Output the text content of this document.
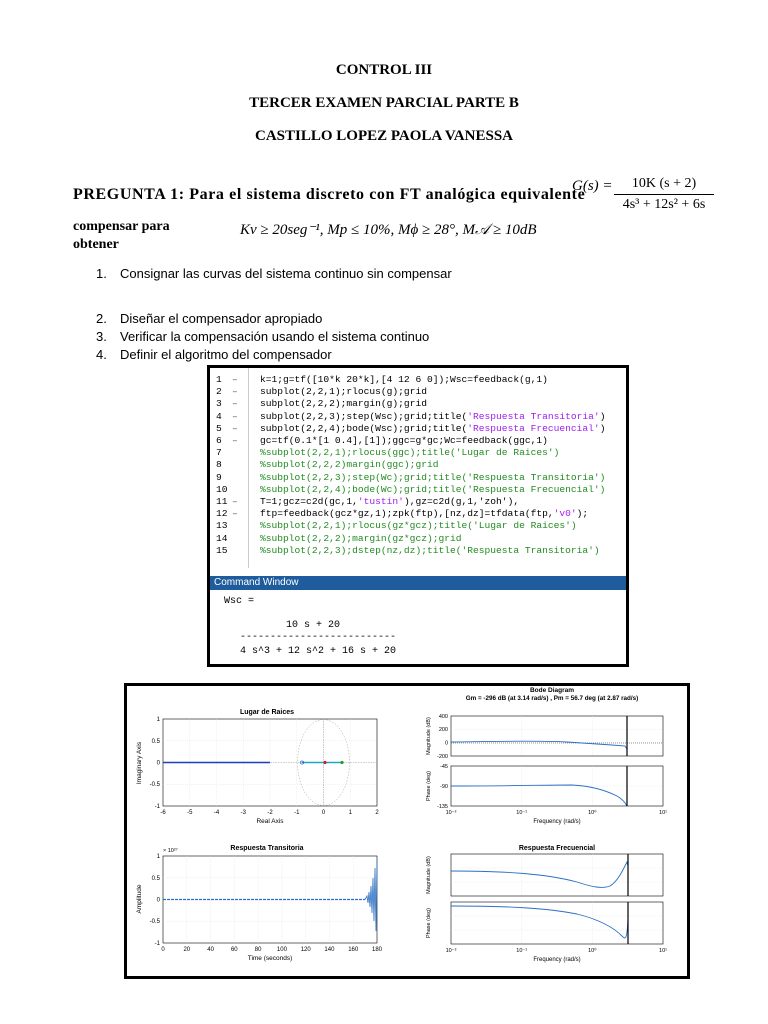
CONTROL III
TERCER EXAMEN PARCIAL PARTE B
CASTILLO LOPEZ PAOLA VANESSA
PREGUNTA 1: Para el sistema discreto con FT analógica equivalente
$G(s) = \frac{10K (s + 2)}{\text{4s³ + 12s² + 6s}}$
compensar para
obtener
Kv ≥ 20seg⁻¹, Mp ≤ 10%, Mϕ ≥ 28°, M𝒜 ≥ 10dB
1. Consignar las curvas del sistema continuo sin compensar
2. Diseñar el compensador apropiado
3. Verificar la compensación usando el sistema continuo
4. Definir el algoritmo del compensador
1	– k=1;g=tf([10*k 20*k],[4 12 6 0]);Wsc=feedback(g,1)
2	– subplot(2,2,1);rlocus(g);grid
3	– subplot(2,2,2);margin(g);grid
4	– subplot(2,2,3);step(Wsc);grid;title('Respuesta Transitoria')
5	– subplot(2,2,4);bode(Wsc);grid;title('Respuesta Frecuencial')
6	– gc=tf(0.1*[1 0.4],[1]);ggc=g*gc;Wc=feedback(ggc,1)
7	%subplot(2,2,1);rlocus(ggc);title('Lugar de Raices')
8	%subplot(2,2,2)margin(ggc);grid
9	%subplot(2,2,3);step(Wc);grid;title('Respuesta Transitoria')
10	%subplot(2,2,4);bode(Wc);grid;title('Respuesta Frecuencial')
11 – T=1;gcz=c2d(gc,1,'tustin'),gz=c2d(g,1,'zoh'),
12 – ftp=feedback(gcz*gz,1);zpk(ftp),[nz,dz]=tfdata(ftp,'v0');
13	%subplot(2,2,1);rlocus(gz*gcz);title('Lugar de Raices')
14	%subplot(2,2,2);margin(gz*gcz);grid
15	%subplot(2,2,3);dstep(nz,dz);title('Respuesta Transitoria')
Command Window
Wsc =
10 s + 20
--------------------------
4 s^3 + 12 s^2 + 16 s + 20
Lugar de Raices
-6	-5	-4	-3	-2	-1	0	1	2
1
0.5
0
-0.5
-1
Real Axis
Imaginary Axis
Bode Diagram
Gm = -296 dB (at 3.14 rad/s) , Pm = 56.7 deg (at 2.87 rad/s)
400
200
0
-200
Magnitude (dB)
-45
-90
-135
Phase (deg)
10⁻²	10⁻¹	10⁰	10¹
Frequency (rad/s)
Respuesta Transitoria
× 10²⁷
1
0.5
0
-0.5
-1
0	20	40	60	80	100 120 140 160 180
Time (seconds)
Amplitude
Respuesta Frecuencial
Magnitude (dB)
Phase (deg)
10⁻²	10⁻¹	10⁰	10¹
Frequency (rad/s)
